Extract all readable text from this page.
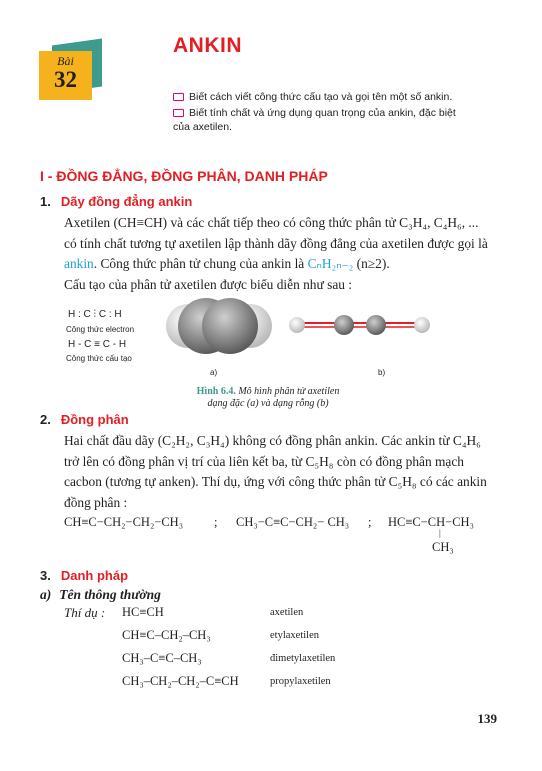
Bài
32
ANKIN
Biết cách viết công thức cấu tạo và gọi tên một số ankin.
Biết tính chất và ứng dụng quan trọng của ankin, đặc biệt
của axetilen.
I - ĐỒNG ĐẲNG, ĐỒNG PHÂN, DANH PHÁP
1. Dãy đồng đẳng ankin
Axetilen (CH≡CH) và các chất tiếp theo có công thức phân tử C₃H₄, C₄H₆, ...
có tính chất tương tự axetilen lập thành dãy đồng đẳng của axetilen được gọi là
ankin. Công thức phân tử chung của ankin là CₙH₂ₙ₋₂ (n≥2).
Cấu tạo của phân tử axetilen được biểu diễn như sau :
H : C ⫶ C : H
Công thức electron
H - C ≡ C - H
Công thức cấu tạo
a)	b)
Hình 6.4. Mô hình phân tử axetilen
dạng đặc (a) và dạng rỗng (b)
2. Đồng phân
Hai chất đầu dãy (C₂H₂, C₃H₄) không có đồng phân ankin. Các ankin từ C₄H₆
trở lên có đồng phân vị trí của liên kết ba, từ C₅H₈ còn có đồng phân mạch
cacbon (tương tự anken). Thí dụ, ứng với công thức phân tử C₅H₈ có các ankin
đồng phân :
CH≡C−CH₂−CH₂−CH₃ ; CH₃−C≡C−CH₂− CH₃ ; HC≡C−CH−CH₃
|
CH₃
3. Danh pháp
a) Tên thông thường
Thí dụ : HC≡CH	axetilen
CH≡C–CH₂–CH₃	etylaxetilen
CH₃–C≡C–CH₃	đimetylaxetilen
CH₃–CH₂–CH₂–C≡CH	propylaxetilen
139
